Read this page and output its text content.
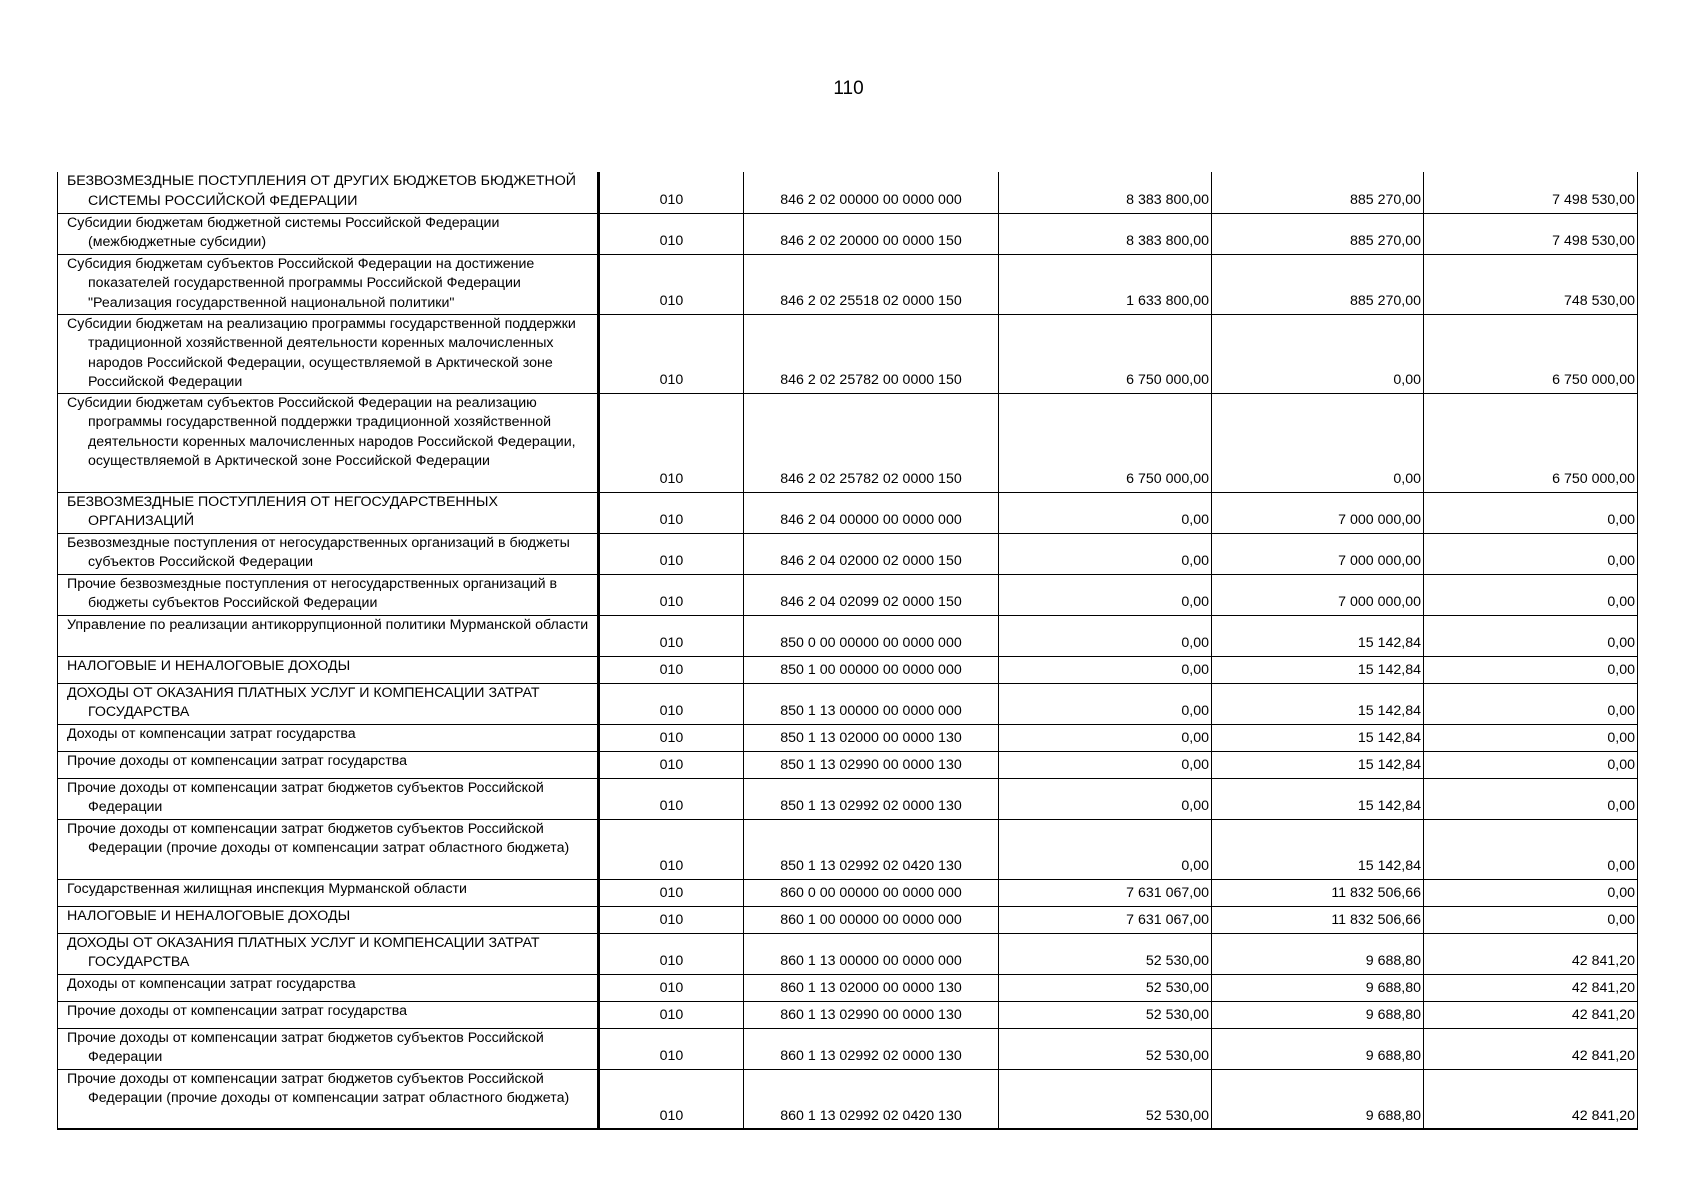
110
БЕЗВОЗМЕЗДНЫЕ ПОСТУПЛЕНИЯ ОТ ДРУГИХ БЮДЖЕТОВ БЮДЖЕТНОЙ СИСТЕМЫ РОССИЙСКОЙ ФЕДЕРАЦИИ	010	846 2 02 00000 00 0000 000	8 383 800,00	885 270,00	7 498 530,00
Субсидии бюджетам бюджетной системы Российской Федерации (межбюджетные субсидии)	010	846 2 02 20000 00 0000 150	8 383 800,00	885 270,00	7 498 530,00
Субсидия бюджетам субъектов Российской Федерации на достижение показателей государственной программы Российской Федерации "Реализация государственной национальной политики"	010	846 2 02 25518 02 0000 150	1 633 800,00	885 270,00	748 530,00
Субсидии бюджетам на реализацию программы государственной поддержки традиционной хозяйственной деятельности коренных малочисленных народов Российской Федерации, осуществляемой в Арктической зоне Российской Федерации	010	846 2 02 25782 00 0000 150	6 750 000,00	0,00	6 750 000,00
Субсидии бюджетам субъектов Российской Федерации на реализацию программы государственной поддержки традиционной хозяйственной деятельности коренных малочисленных народов Российской Федерации, осуществляемой в Арктической зоне Российской Федерации	010	846 2 02 25782 02 0000 150	6 750 000,00	0,00	6 750 000,00
БЕЗВОЗМЕЗДНЫЕ ПОСТУПЛЕНИЯ ОТ НЕГОСУДАРСТВЕННЫХ ОРГАНИЗАЦИЙ	010	846 2 04 00000 00 0000 000	0,00	7 000 000,00	0,00
Безвозмездные поступления от негосударственных организаций в бюджеты субъектов Российской Федерации	010	846 2 04 02000 02 0000 150	0,00	7 000 000,00	0,00
Прочие безвозмездные поступления от негосударственных организаций в бюджеты субъектов Российской Федерации	010	846 2 04 02099 02 0000 150	0,00	7 000 000,00	0,00
Управление по реализации антикоррупционной политики Мурманской области	010	850 0 00 00000 00 0000 000	0,00	15 142,84	0,00
НАЛОГОВЫЕ И НЕНАЛОГОВЫЕ ДОХОДЫ	010	850 1 00 00000 00 0000 000	0,00	15 142,84	0,00
ДОХОДЫ ОТ ОКАЗАНИЯ ПЛАТНЫХ УСЛУГ И КОМПЕНСАЦИИ ЗАТРАТ ГОСУДАРСТВА	010	850 1 13 00000 00 0000 000	0,00	15 142,84	0,00
Доходы от компенсации затрат государства	010	850 1 13 02000 00 0000 130	0,00	15 142,84	0,00
Прочие доходы от компенсации затрат государства	010	850 1 13 02990 00 0000 130	0,00	15 142,84	0,00
Прочие доходы от компенсации затрат бюджетов субъектов Российской Федерации	010	850 1 13 02992 02 0000 130	0,00	15 142,84	0,00
Прочие доходы от компенсации затрат бюджетов субъектов Российской Федерации (прочие доходы от компенсации затрат областного бюджета)	010	850 1 13 02992 02 0420 130	0,00	15 142,84	0,00
Государственная жилищная инспекция Мурманской области	010	860 0 00 00000 00 0000 000	7 631 067,00	11 832 506,66	0,00
НАЛОГОВЫЕ И НЕНАЛОГОВЫЕ ДОХОДЫ	010	860 1 00 00000 00 0000 000	7 631 067,00	11 832 506,66	0,00
ДОХОДЫ ОТ ОКАЗАНИЯ ПЛАТНЫХ УСЛУГ И КОМПЕНСАЦИИ ЗАТРАТ ГОСУДАРСТВА	010	860 1 13 00000 00 0000 000	52 530,00	9 688,80	42 841,20
Доходы от компенсации затрат государства	010	860 1 13 02000 00 0000 130	52 530,00	9 688,80	42 841,20
Прочие доходы от компенсации затрат государства	010	860 1 13 02990 00 0000 130	52 530,00	9 688,80	42 841,20
Прочие доходы от компенсации затрат бюджетов субъектов Российской Федерации	010	860 1 13 02992 02 0000 130	52 530,00	9 688,80	42 841,20
Прочие доходы от компенсации затрат бюджетов субъектов Российской Федерации (прочие доходы от компенсации затрат областного бюджета)	010	860 1 13 02992 02 0420 130	52 530,00	9 688,80	42 841,20
